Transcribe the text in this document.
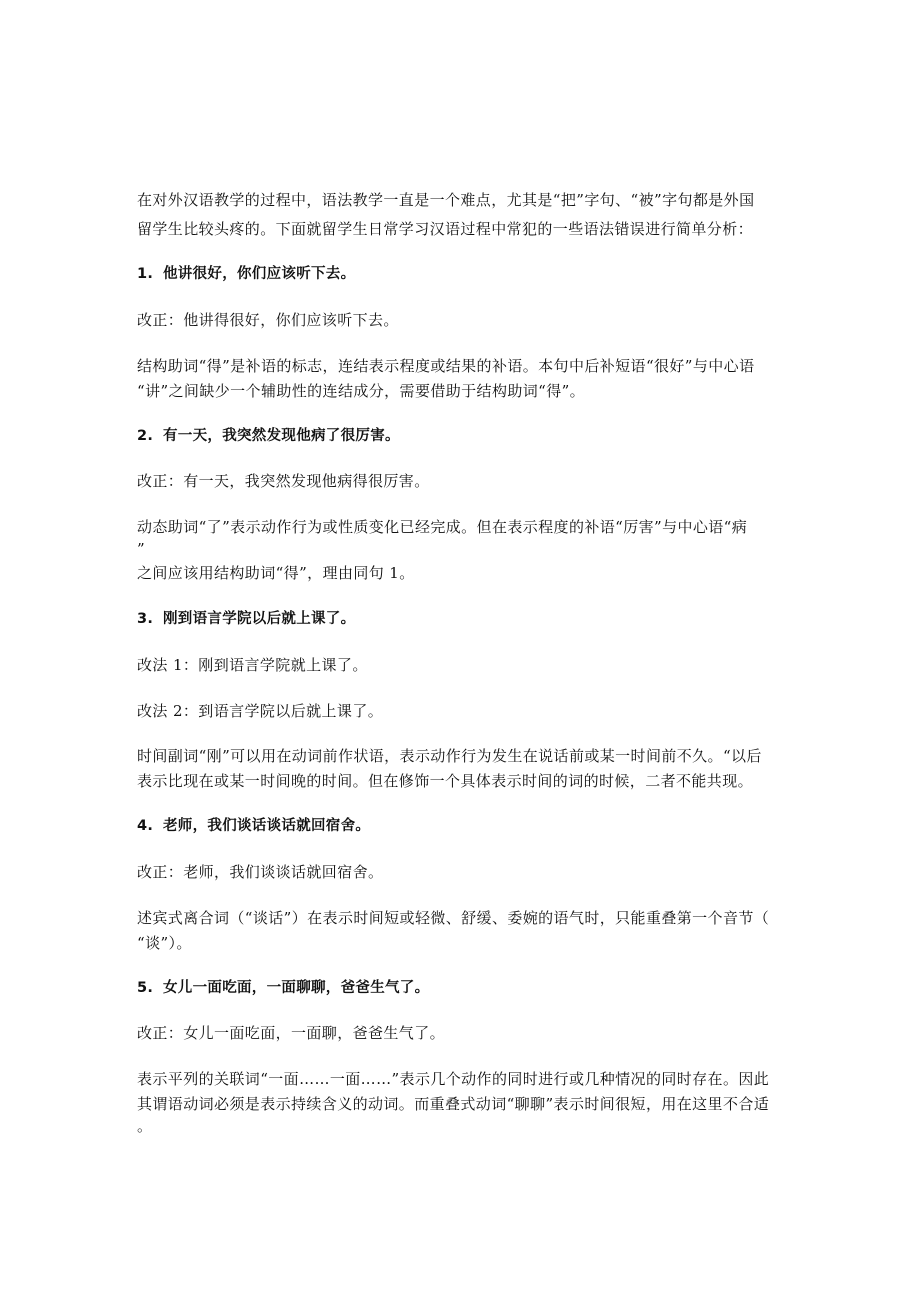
在对外汉语教学的过程中，语法教学一直是一个难点，尤其是“把”字句、“被”字句都是外国
留学生比较头疼的。下面就留学生日常学习汉语过程中常犯的一些语法错误进行简单分析：
1. 他讲很好，你们应该听下去。
改正：他讲得很好，你们应该听下去。
结构助词“得”是补语的标志，连结表示程度或结果的补语。本句中后补短语“很好”与中心语
“讲”之间缺少一个辅助性的连结成分，需要借助于结构助词“得”。
2. 有一天，我突然发现他病了很厉害。
改正：有一天，我突然发现他病得很厉害。
动态助词“了”表示动作行为或性质变化已经完成。但在表示程度的补语“厉害”与中心语“病
”
之间应该用结构助词“得”，理由同句 1。
3. 刚到语言学院以后就上课了。
改法 1：刚到语言学院就上课了。
改法 2：到语言学院以后就上课了。
时间副词“刚”可以用在动词前作状语，表示动作行为发生在说话前或某一时间前不久。“以后
表示比现在或某一时间晚的时间。但在修饰一个具体表示时间的词的时候，二者不能共现。
4. 老师，我们谈话谈话就回宿舍。
改正：老师，我们谈谈话就回宿舍。
述宾式离合词（“谈话”）在表示时间短或轻微、舒缓、委婉的语气时，只能重叠第一个音节（
“谈”）。
5. 女儿一面吃面，一面聊聊，爸爸生气了。
改正：女儿一面吃面，一面聊，爸爸生气了。
表示平列的关联词“一面……一面……”表示几个动作的同时进行或几种情况的同时存在。因此
其谓语动词必须是表示持续含义的动词。而重叠式动词“聊聊”表示时间很短，用在这里不合适
。
